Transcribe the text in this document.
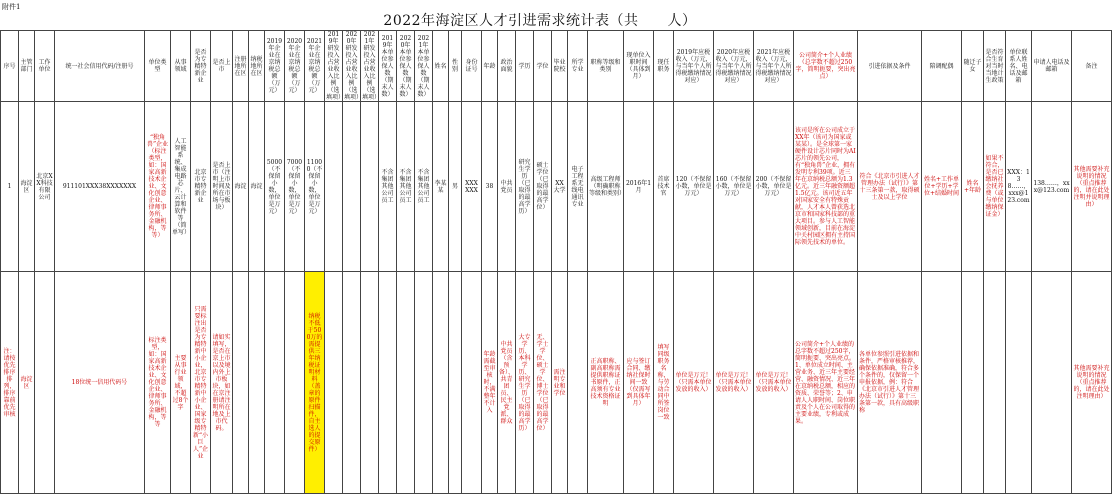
附件1
2022年海淀区人才引进需求统计表（共　　人）
序号	主管部门	工作单位	统一社会信用代码/注册号	单位类型	从事领域	是否为专精特新企业	是否上市	注册地所在区	纳税地所在区	2019年企业在京纳税总额（万元）	2020年企业在京纳税总额（万元）	2021年企业在京纳税总额（万元）	2019年研发投入占营业收入比例（选填项）	2020年研发投入占营业收入比例（选填项）	2021年研发投入占营业收入比例（选填项）	2019年本单位参保人数（期末人数）	2020年本单位参保人数（期末人数）	2021年本单位参保人数（期末人数）	姓名	性别	身份证号	年龄	政治面貌	学历	学位	毕业院校	所学专业	职称等级和类别	现单位入职时间（具体到月）	现任职务	2019年应税收入（万元，与当年个人所得税缴纳情况对应）	2020年应税收入（万元，与当年个人所得税缴纳情况对应）	2021年应税收入（万元，与当年个人所得税缴纳情况对应）	公司简介+个人业绩（总字数不超过250字，简明扼要，突出亮点）	引进依据及条件	陪调配偶	随迁子女	是否符合生育对当时当地计生政策	单位联系人姓名、电话及邮箱	申请人电话及邮箱	备注
1	海淀区	北京XX科技有限公司	911101XXX38XXXXXXX	“独角兽”企业（标注类型，如：国家高新技术企业、文化创意企业、律师事务所、金融机构，等等）	人工智能系统、集成电路芯片、云计算和软件等（简单写）	北京市专精特新企业	是否上市（注明上市时间及所在市场与板块）	海淀	海淀	5000（不保留小数，单位是万元）	7000（不保留小数，单位是万元）	11000（不保留小数，单位是万元）				不含集团其他公司员工	不含集团其他公司员工	不含集团其他公司员工	李某某	男	XXXXXX	38	中共党员	研究生学历（已取得的最高学历）	硕士学位（已取得的最高学位）	XX大学	电子工程系无线电通讯专业	高级工程师（明确职称等级和类别）	2016年1月	首席技术官	120（不保留小数，单位是万元）	160（不保留小数，单位是万元）	200（不保留小数，单位是万元）	该司是所在公司成立于XX年（该司为国家或某某）。是全球第一家硬件设计芯片同时为AI芯片的领先公司，有“独角兽”企业，拥有发明专利39项。近三年在京纳税总额为1.3亿元。近三年融资额超1.5亿元。该司近五年对国家安全有特殊贡献，人才本人曾获选北京市和国家科技部的重大项目。参与人工智能领域创新，目前在海淀中关村园区拥有主持国际领先技术的单位。	符合《北京市引进人才管理办法（试行）》第十三条第一款，取得硕士及以上学位	姓名+工作单位+学历+学位+结婚时间	姓名+年龄	如果不符合，是否已缴纳社会抚养费（或与单位缴纳保证金）	XXX：138……，xxx@123.com	138……，xxx@123.com	其他需要补充说明的情况（重点推荐的，请在此处注明并说明理由）
注：请按优先排序排列，排序靠前优先审核	海淀区		18位统一信用代码号	标注类型，如：国家高新技术企业、文化创意企业、律师事务所、金融机构，等等	主要从事行业领域，不超过8个字	只需要标注出是否为专精特新中小企业，北京市专精特新中小企业、国家级专精特新“小巨人”企业	请如实填写，是否在京上市以及境内外上市板块，如在京注册请注明所在地及上市代码。					纳税不低于500万的需提供三年纳税证明材料（盖章的原件扫描件，自主选人的提交原件）										年龄需截至审核时，不满整年不计入	中共党员（含预备）、共青团员、民主党派、群众	大专学历、本科学历、研究生学历（已取得的最高学历）	无、学士学位、硕士学位、博士学位（已取得的最高学位）	需注明专业和学位		正高职称、副高职称需提供职称证书原件，正高须有专业技术资格证明	应与签订合同、缴纳社保时间一致（仅需写到具体年月）	填写同级职务名称，与劳动合同中所签岗位一致	单位是万元！（只需本单位发放的收入）	单位是万元！（只需本单位发放的收入）	单位是万元！（只需本单位发放的收入）	公司简介+个人业绩的总字数不超过250字，简明扼要、突出亮点。1、单位成立时间、主营业务、近三年主要经营、融资情况、近三年在京纳税总额，相应的资质、荣誉等；2、申请人人职时间、岗位职责及个人在公司取得的主要业绩，专利或成果。	各单位参照引进依据和条件，严格审核推荐，确保依据准确，符合多个条件的，仅保留一个申报依据，例：符合《北京市引进人才管理办法（试行）》第十三条第一款，具有高级职称						其他需要补充说明的情况（重点推荐的，请在此处注明理由）
